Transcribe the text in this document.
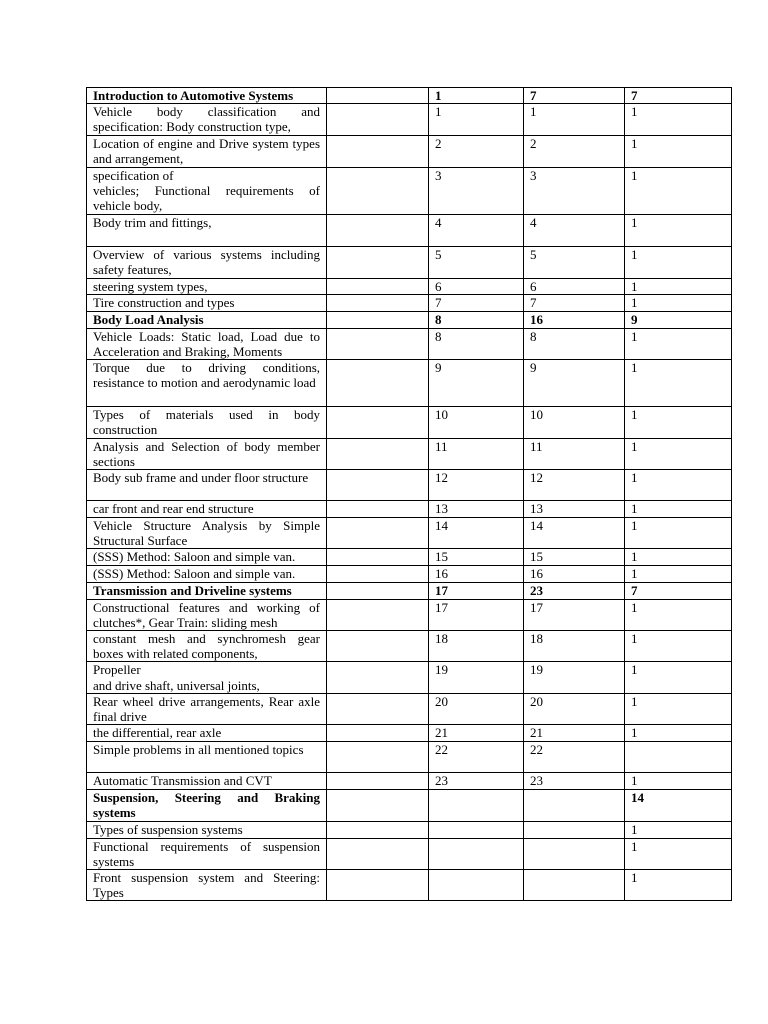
Introduction to Automotive Systems		1	7	7
Vehicle body classification and specification: Body construction type,		1	1	1
Location of engine and Drive system types and arrangement,		2	2	1
specification of
vehicles; Functional requirements of vehicle body,		3	3	1
Body trim and fittings,		4	4	1
Overview of various systems including safety features,		5	5	1
steering system types,		6	6	1
Tire construction and types		7	7	1
Body Load Analysis		8	16	9
Vehicle Loads: Static load, Load due to Acceleration and Braking, Moments		8	8	1
Torque due to driving conditions, resistance to motion and aerodynamic load		9	9	1
Types of materials used in body construction		10	10	1
Analysis and Selection of body member sections		11	11	1
Body sub frame and under floor structure		12	12	1
car front and rear end structure		13	13	1
Vehicle Structure Analysis by Simple Structural Surface		14	14	1
(SSS) Method: Saloon and simple van.		15	15	1
(SSS) Method: Saloon and simple van.		16	16	1
Transmission and Driveline systems		17	23	7
Constructional features and working of clutches*, Gear Train: sliding mesh		17	17	1
constant mesh and synchromesh gear boxes with related components,		18	18	1
Propeller
and drive shaft, universal joints,		19	19	1
Rear wheel drive arrangements, Rear axle final drive		20	20	1
the differential, rear axle		21	21	1
Simple problems in all mentioned topics		22	22	
Automatic Transmission and CVT		23	23	1
Suspension, Steering and Braking systems				14
Types of suspension systems				1
Functional requirements of suspension systems				1
Front suspension system and Steering: Types				1
